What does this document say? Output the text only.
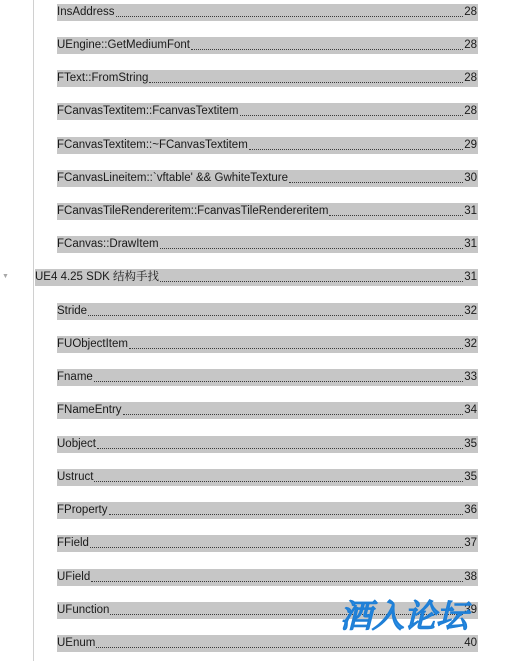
InsAddress	28
UEngine::GetMediumFont	28
FText::FromString	28
FCanvasTextitem::FcanvasTextitem	28
FCanvasTextitem::~FCanvasTextitem	29
FCanvasLineitem::`vftable' && GwhiteTexture	30
FCanvasTileRendereritem::FcanvasTileRendereritem	31
FCanvas::DrawItem	31
UE4 4.25 SDK 结构手找	31
Stride	32
FUObjectItem	32
Fname	33
FNameEntry	34
Uobject	35
Ustruct	35
FProperty	36
FField	37
UField	38
UFunction	39
UEnum	40
▼
酒入论坛
